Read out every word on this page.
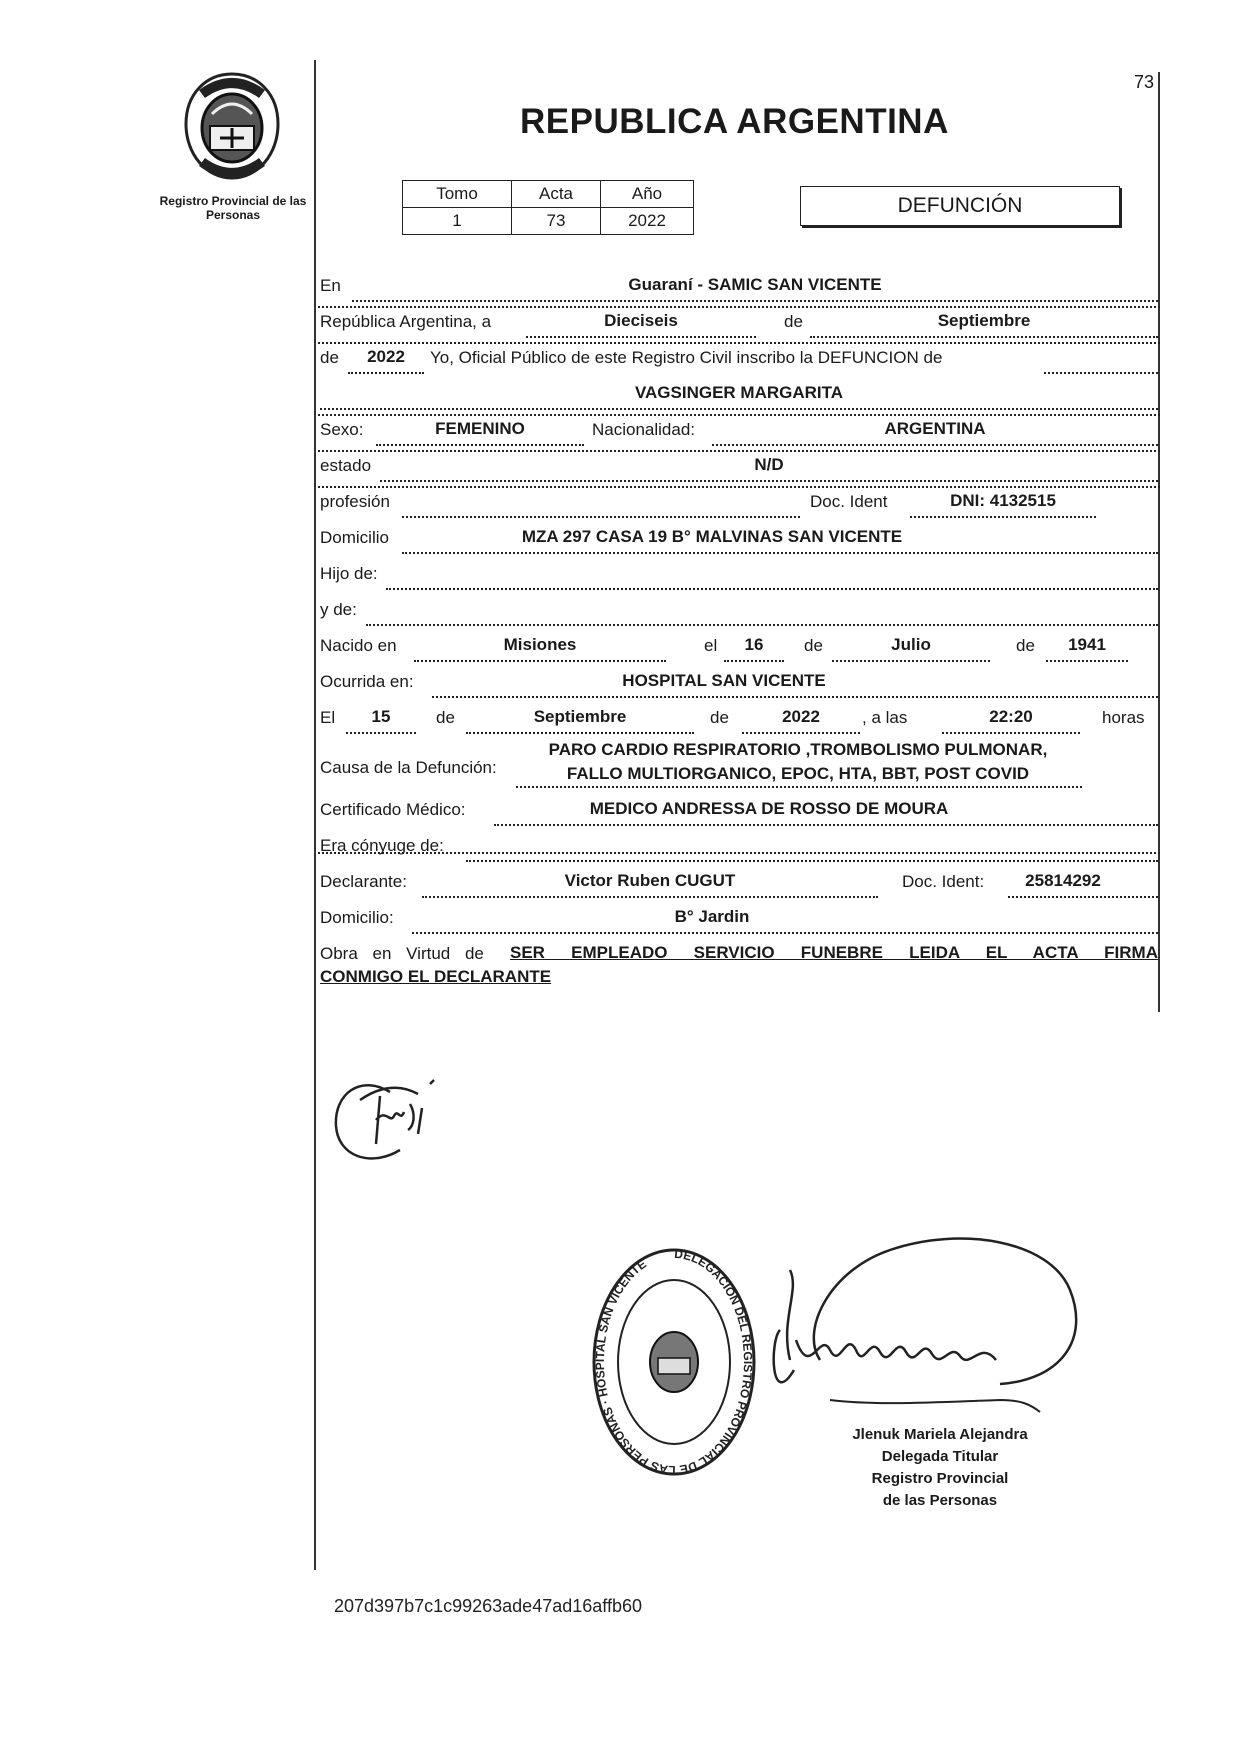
73
Registro Provincial de las Personas
REPUBLICA ARGENTINA
Tomo	Acta	Año
1	73	2022
DEFUNCIÓN
En	Guaraní - SAMIC SAN VICENTE
República Argentina, a	Dieciseis	de	Septiembre
de	2022	Yo, Oficial Público de este Registro Civil inscribo la DEFUNCION de
VAGSINGER MARGARITA
Sexo:	FEMENINO	Nacionalidad:	ARGENTINA
estado	N/D
profesión	Doc. Ident	DNI: 4132515
Domicilio	MZA 297 CASA 19 B° MALVINAS SAN VICENTE
Hijo de:
y de:
Nacido en	Misiones	el	16	de	Julio	de	1941
Ocurrida en:	HOSPITAL SAN VICENTE
El	15	de	Septiembre	de	2022	, a las	22:20	horas
Causa de la Defunción:
PARO CARDIO RESPIRATORIO ,TROMBOLISMO PULMONAR,
FALLO MULTIORGANICO, EPOC, HTA, BBT, POST COVID
Certificado Médico:	MEDICO ANDRESSA DE ROSSO DE MOURA
Era cónyuge de:
Declarante:	Victor Ruben CUGUT	Doc. Ident:	25814292
Domicilio:	B° Jardin
Obra en Virtud de SER EMPLEADO SERVICIO FUNEBRE LEIDA EL ACTA FIRMA
CONMIGO EL DECLARANTE
DELEGACION DEL REGISTRO PROVINCIAL DE LAS PERSONAS · HOSPITAL SAN VICENTE
Jlenuk Mariela Alejandra
Delegada Titular
Registro Provincial
de las Personas
207d397b7c1c99263ade47ad16affb60
